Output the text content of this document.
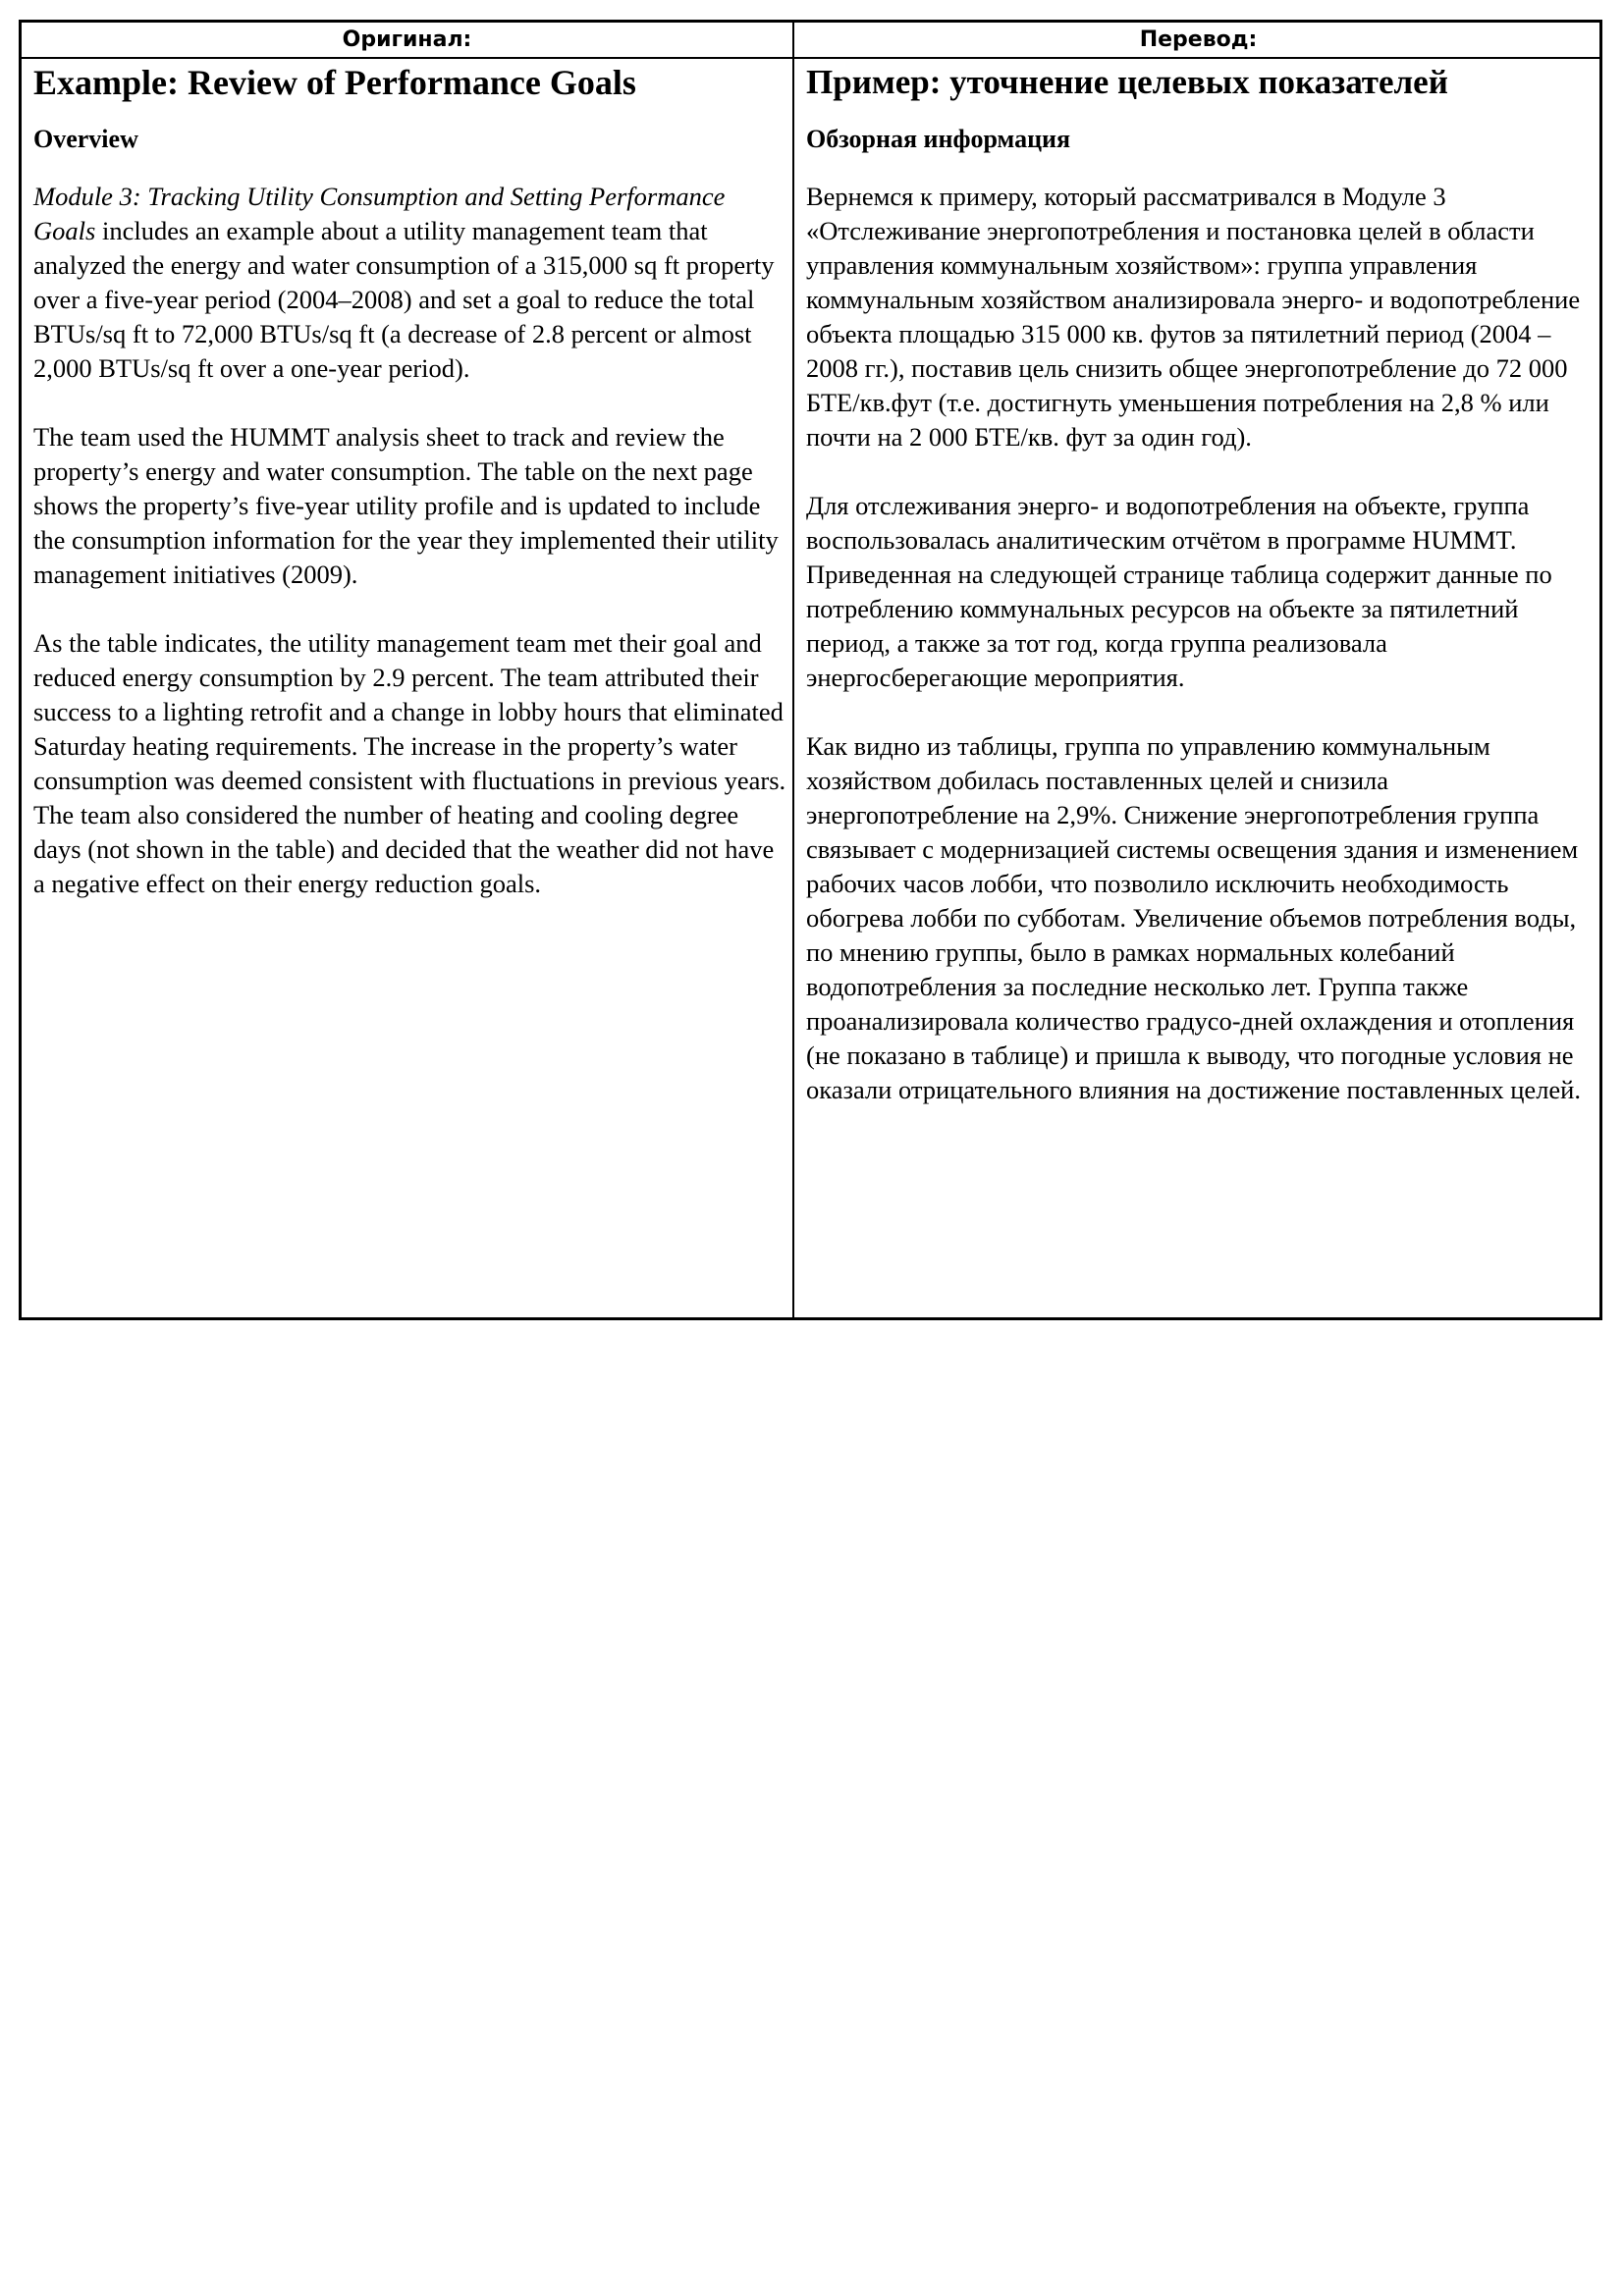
Оригинал:	Перевод:
Example: Review of Performance Goals
Overview
Module 3: Tracking Utility Consumption and Setting Performance Goals includes an example about a utility management team that analyzed the energy and water consumption of a 315,000 sq ft property over a five-year period (2004–2008) and set a goal to reduce the total BTUs/sq ft to 72,000 BTUs/sq ft (a decrease of 2.8 percent or almost 2,000 BTUs/sq ft over a one-year period).
The team used the HUMMT analysis sheet to track and review the property’s energy and water consumption. The table on the next page shows the property’s five-year utility profile and is updated to include the consumption information for the year they implemented their utility management initiatives (2009).
As the table indicates, the utility management team met their goal and reduced energy consumption by 2.9 percent. The team attributed their success to a lighting retrofit and a change in lobby hours that eliminated Saturday heating requirements. The increase in the property’s water consumption was deemed consistent with fluctuations in previous years. The team also considered the number of heating and cooling degree days (not shown in the table) and decided that the weather did not have a negative effect on their energy reduction goals.
Пример: уточнение целевых показателей
Обзорная информация
Вернемся к примеру, который рассматривался в Модуле 3 «Отслеживание энергопотребления и постановка целей в области управления коммунальным хозяйством»: группа управления коммунальным хозяйством анализировала энерго- и водопотребление объекта площадью 315 000 кв. футов за пятилетний период (2004 – 2008 гг.), поставив цель снизить общее энергопотребление до 72 000 БТЕ/кв.фут (т.е. достигнуть уменьшения потребления на 2,8 % или почти на 2 000 БТЕ/кв. фут за один год).
Для отслеживания энерго- и водопотребления на объекте, группа воспользовалась аналитическим отчётом в программе HUMMT. Приведенная на следующей странице таблица содержит данные по потреблению коммунальных ресурсов на объекте за пятилетний период, а также за тот год, когда группа реализовала энергосберегающие мероприятия.
Как видно из таблицы, группа по управлению коммунальным хозяйством добилась поставленных целей и снизила энергопотребление на 2,9%. Снижение энергопотребления группа связывает с модернизацией системы освещения здания и изменением рабочих часов лобби, что позволило исключить необходимость обогрева лобби по субботам. Увеличение объемов потребления воды, по мнению группы, было в рамках нормальных колебаний водопотребления за последние несколько лет. Группа также проанализировала количество градусо-дней охлаждения и отопления (не показано в таблице) и пришла к выводу, что погодные условия не оказали отрицательного влияния на достижение поставленных целей.
